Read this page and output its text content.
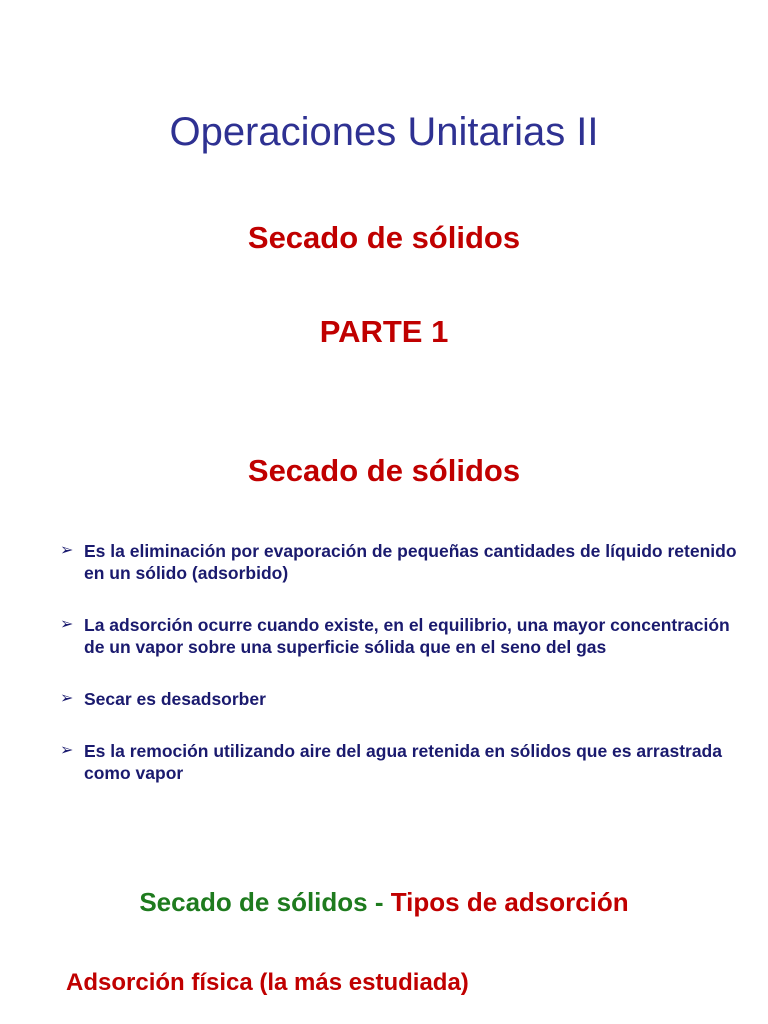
Operaciones Unitarias II
Secado de sólidos
PARTE 1
Secado de sólidos
➢ Es la eliminación por evaporación de pequeñas cantidades de líquido retenido en un sólido (adsorbido)
➢ La adsorción ocurre cuando existe, en el equilibrio, una mayor concentración de un vapor sobre una superficie sólida que en el seno del gas
➢ Secar es desadsorber
➢ Es la remoción utilizando aire del agua retenida en sólidos que es arrastrada como vapor
Secado de sólidos - Tipos de adsorción
Adsorción física (la más estudiada)
